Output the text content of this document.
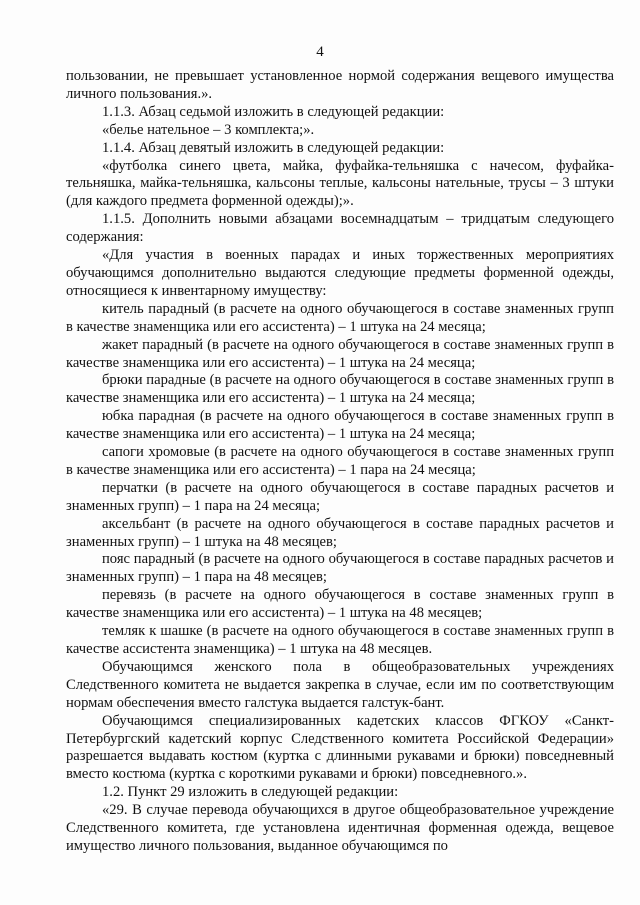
4

пользовании, не превышает установленное нормой содержания вещевого имущества личного пользования.».

1.1.3. Абзац седьмой изложить в следующей редакции:

«белье нательное – 3 комплекта;».

1.1.4. Абзац девятый изложить в следующей редакции:

«футболка синего цвета, майка, фуфайка-тельняшка с начесом, фуфайка-тельняшка, майка-тельняшка, кальсоны теплые, кальсоны нательные, трусы – 3 штуки (для каждого предмета форменной одежды);».

1.1.5. Дополнить новыми абзацами восемнадцатым – тридцатым следующего содержания:

«Для участия в военных парадах и иных торжественных мероприятиях обучающимся дополнительно выдаются следующие предметы форменной одежды, относящиеся к инвентарному имуществу:

китель парадный (в расчете на одного обучающегося в составе знаменных групп в качестве знаменщика или его ассистента) – 1 штука на 24 месяца;

жакет парадный (в расчете на одного обучающегося в составе знаменных групп в качестве знаменщика или его ассистента) – 1 штука на 24 месяца;

брюки парадные (в расчете на одного обучающегося в составе знаменных групп в качестве знаменщика или его ассистента) – 1 штука на 24 месяца;

юбка парадная (в расчете на одного обучающегося в составе знаменных групп в качестве знаменщика или его ассистента) – 1 штука на 24 месяца;

сапоги хромовые (в расчете на одного обучающегося в составе знаменных групп в качестве знаменщика или его ассистента) – 1 пара на 24 месяца;

перчатки (в расчете на одного обучающегося в составе парадных расчетов и знаменных групп) – 1 пара на 24 месяца;

аксельбант (в расчете на одного обучающегося в составе парадных расчетов и знаменных групп) – 1 штука на 48 месяцев;

пояс парадный (в расчете на одного обучающегося в составе парадных расчетов и знаменных групп) – 1 пара на 48 месяцев;

перевязь (в расчете на одного обучающегося в составе знаменных групп в качестве знаменщика или его ассистента) – 1 штука на 48 месяцев;

темляк к шашке (в расчете на одного обучающегося в составе знаменных групп в качестве ассистента знаменщика) – 1 штука на 48 месяцев.

Обучающимся женского пола в общеобразовательных учреждениях Следственного комитета не выдается закрепка в случае, если им по соответствующим нормам обеспечения вместо галстука выдается галстук-бант.

Обучающимся специализированных кадетских классов ФГКОУ «Санкт-Петербургский кадетский корпус Следственного комитета Российской Федерации» разрешается выдавать костюм (куртка с длинными рукавами и брюки) повседневный вместо костюма (куртка с короткими рукавами и брюки) повседневного.».

1.2. Пункт 29 изложить в следующей редакции:

«29. В случае перевода обучающихся в другое общеобразовательное учреждение Следственного комитета, где установлена идентичная форменная одежда, вещевое имущество личного пользования, выданное обучающимся по
